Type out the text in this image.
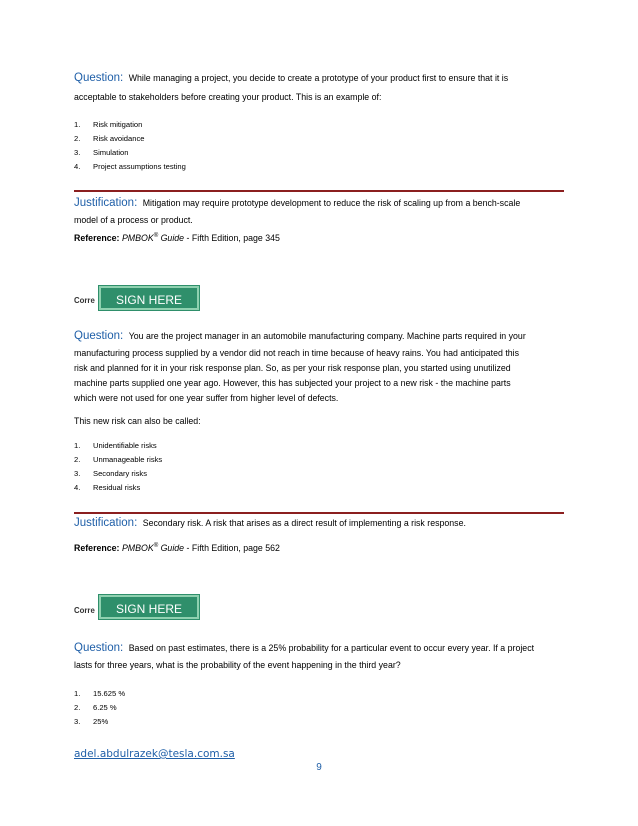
Question: While managing a project, you decide to create a prototype of your product first to ensure that it is
acceptable to stakeholders before creating your product. This is an example of:
1. Risk mitigation
2. Risk avoidance
3. Simulation
4. Project assumptions testing
Justification: Mitigation may require prototype development to reduce the risk of scaling up from a bench-scale
model of a process or product.
Reference: PMBOK® Guide - Fifth Edition, page 345
Corre	SIGN HERE
Question: You are the project manager in an automobile manufacturing company. Machine parts required in your
manufacturing process supplied by a vendor did not reach in time because of heavy rains. You had anticipated this
risk and planned for it in your risk response plan. So, as per your risk response plan, you started using unutilized
machine parts supplied one year ago. However, this has subjected your project to a new risk - the machine parts
which were not used for one year suffer from higher level of defects.
This new risk can also be called:
1. Unidentifiable risks
2. Unmanageable risks
3. Secondary risks
4. Residual risks
Justification: Secondary risk. A risk that arises as a direct result of implementing a risk response.
Reference: PMBOK® Guide - Fifth Edition, page 562
Corre	SIGN HERE
Question: Based on past estimates, there is a 25% probability for a particular event to occur every year. If a project
lasts for three years, what is the probability of the event happening in the third year?
1. 15.625 %
2. 6.25 %
3. 25%
adel.abdulrazek@tesla.com.sa
9
